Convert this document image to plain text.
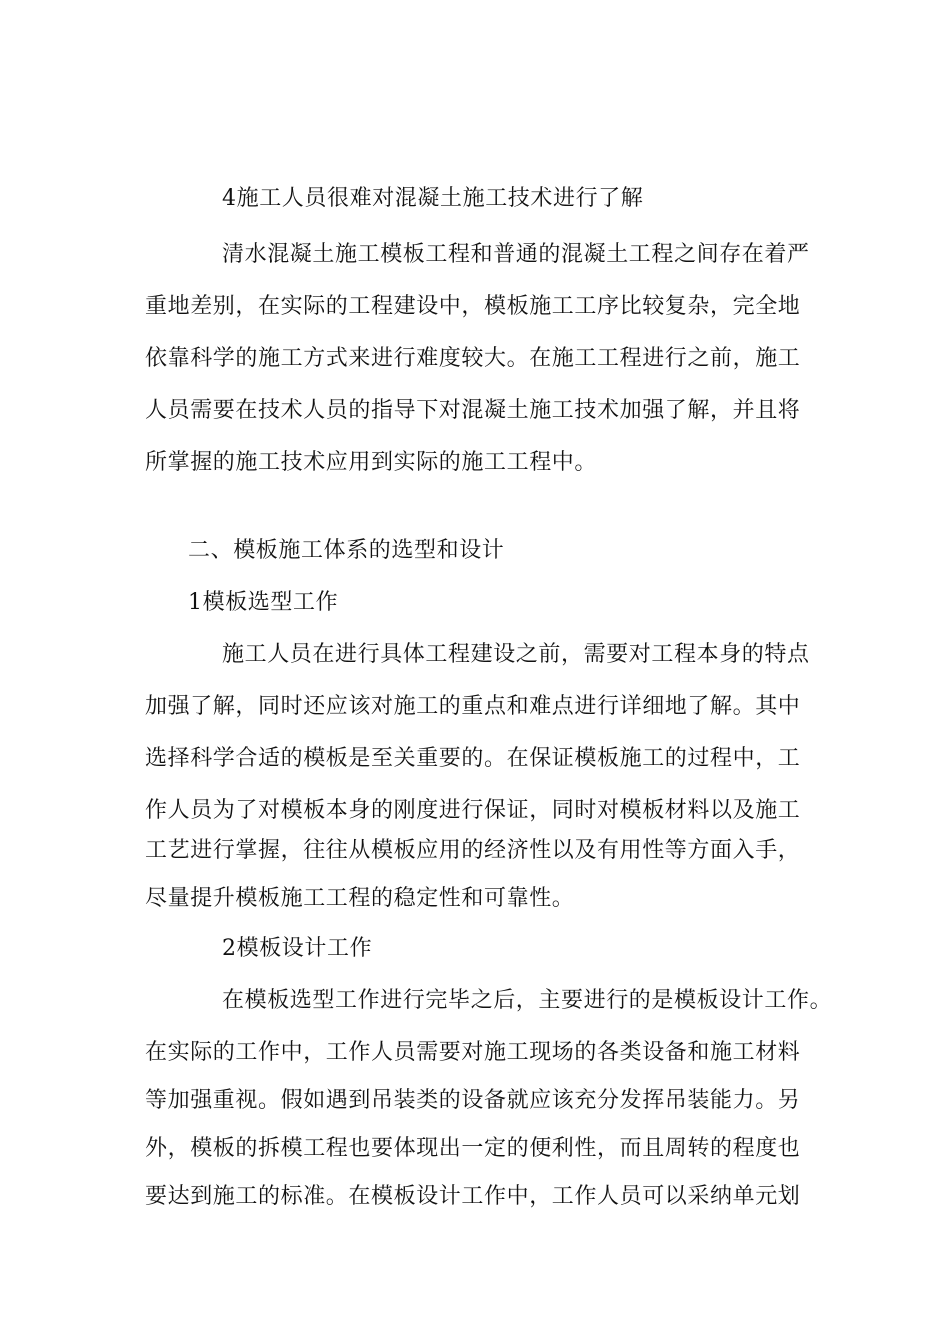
4施工人员很难对混凝土施工技术进行了解
清水混凝土施工模板工程和普通的混凝土工程之间存在着严
重地差别，在实际的工程建设中，模板施工工序比较复杂，完全地
依靠科学的施工方式来进行难度较大。在施工工程进行之前，施工
人员需要在技术人员的指导下对混凝土施工技术加强了解，并且将
所掌握的施工技术应用到实际的施工工程中。
二、模板施工体系的选型和设计
1模板选型工作
施工人员在进行具体工程建设之前，需要对工程本身的特点
加强了解，同时还应该对施工的重点和难点进行详细地了解。其中
选择科学合适的模板是至关重要的。在保证模板施工的过程中，工
作人员为了对模板本身的刚度进行保证，同时对模板材料以及施工
工艺进行掌握，往往从模板应用的经济性以及有用性等方面入手，
尽量提升模板施工工程的稳定性和可靠性。
2模板设计工作
在模板选型工作进行完毕之后，主要进行的是模板设计工作。
在实际的工作中，工作人员需要对施工现场的各类设备和施工材料
等加强重视。假如遇到吊装类的设备就应该充分发挥吊装能力。另
外，模板的拆模工程也要体现出一定的便利性，而且周转的程度也
要达到施工的标准。在模板设计工作中，工作人员可以采纳单元划
